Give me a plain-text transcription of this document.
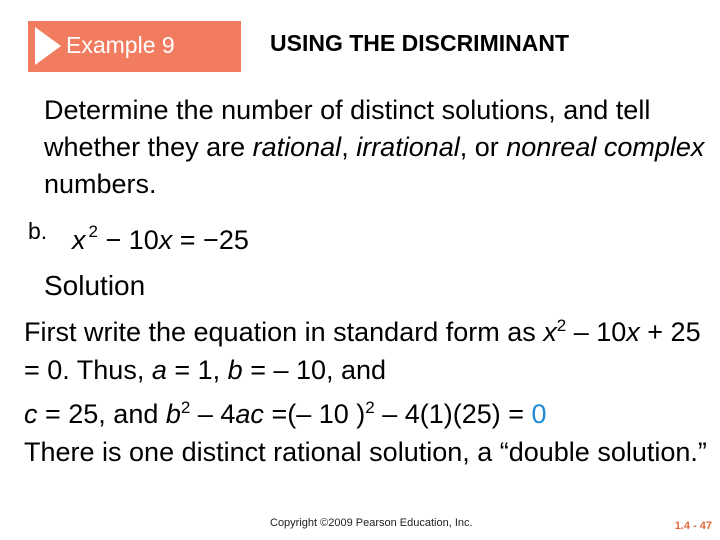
Example 9	USING THE DISCRIMINANT
Determine the number of distinct solutions, and tell whether they are rational, irrational, or nonreal complex numbers.
b. x $^2$ − 10x = −25
Solution
First write the equation in standard form as $x^2 - 10x + 25 = 0$. Thus, a = 1, b = – 10, and
c = 25, and $b^2 - 4ac$ =(– 10 )$^2$ – 4(1)(25) = 0
There is one distinct rational solution, a “double solution.”
Copyright ©2009 Pearson Education, Inc.	1.4 - 47
